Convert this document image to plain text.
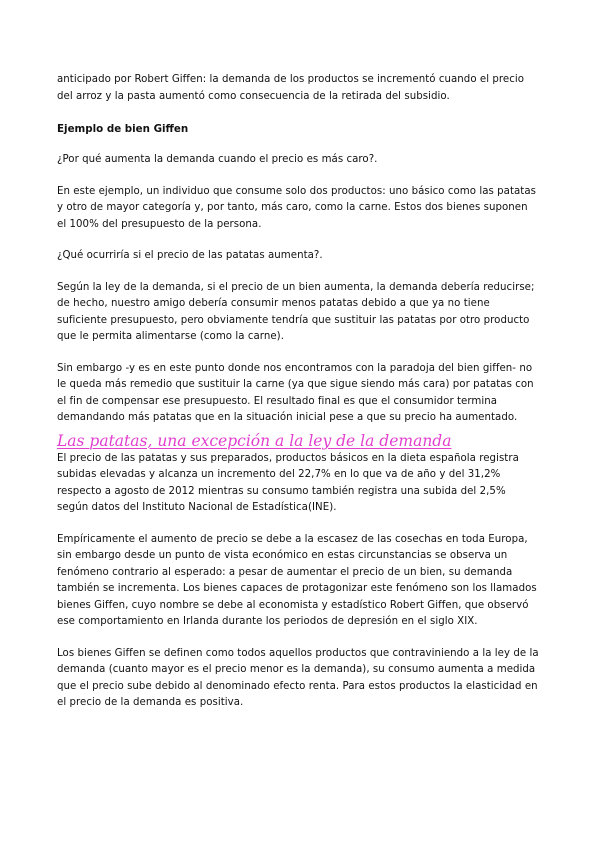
anticipado por Robert Giffen: la demanda de los productos se incrementó cuando el precio del arroz y la pasta aumentó como consecuencia de la retirada del subsidio.

Ejemplo de bien Giffen

¿Por qué aumenta la demanda cuando el precio es más caro?.

En este ejemplo, un individuo que consume solo dos productos: uno básico como las patatas y otro de mayor categoría y, por tanto, más caro, como la carne. Estos dos bienes suponen el 100% del presupuesto de la persona.

¿Qué ocurriría si el precio de las patatas aumenta?.

Según la ley de la demanda, si el precio de un bien aumenta, la demanda debería reducirse; de hecho, nuestro amigo debería consumir menos patatas debido a que ya no tiene suficiente presupuesto, pero obviamente tendría que sustituir las patatas por otro producto que le permita alimentarse (como la carne).

Sin embargo -y es en este punto donde nos encontramos con la paradoja del bien giffen- no le queda más remedio que sustituir la carne (ya que sigue siendo más cara) por patatas con el fin de compensar ese presupuesto. El resultado final es que el consumidor termina demandando más patatas que en la situación inicial pese a que su precio ha aumentado.

Las patatas, una excepción a la ley de la demanda

El precio de las patatas y sus preparados, productos básicos en la dieta española registra subidas elevadas y alcanza un incremento del 22,7% en lo que va de año y del 31,2% respecto a agosto de 2012 mientras su consumo también registra una subida del 2,5% según datos del Instituto Nacional de Estadística(INE).

Empíricamente el aumento de precio se debe a la escasez de las cosechas en toda Europa, sin embargo desde un punto de vista económico en estas circunstancias se observa un fenómeno contrario al esperado: a pesar de aumentar el precio de un bien, su demanda también se incrementa. Los bienes capaces de protagonizar este fenómeno son los llamados bienes Giffen, cuyo nombre se debe al economista y estadístico Robert Giffen, que observó ese comportamiento en Irlanda durante los periodos de depresión en el siglo XIX.

Los bienes Giffen se definen como todos aquellos productos que contraviniendo a la ley de la demanda (cuanto mayor es el precio menor es la demanda), su consumo aumenta a medida que el precio sube debido al denominado efecto renta. Para estos productos la elasticidad en el precio de la demanda es positiva.
